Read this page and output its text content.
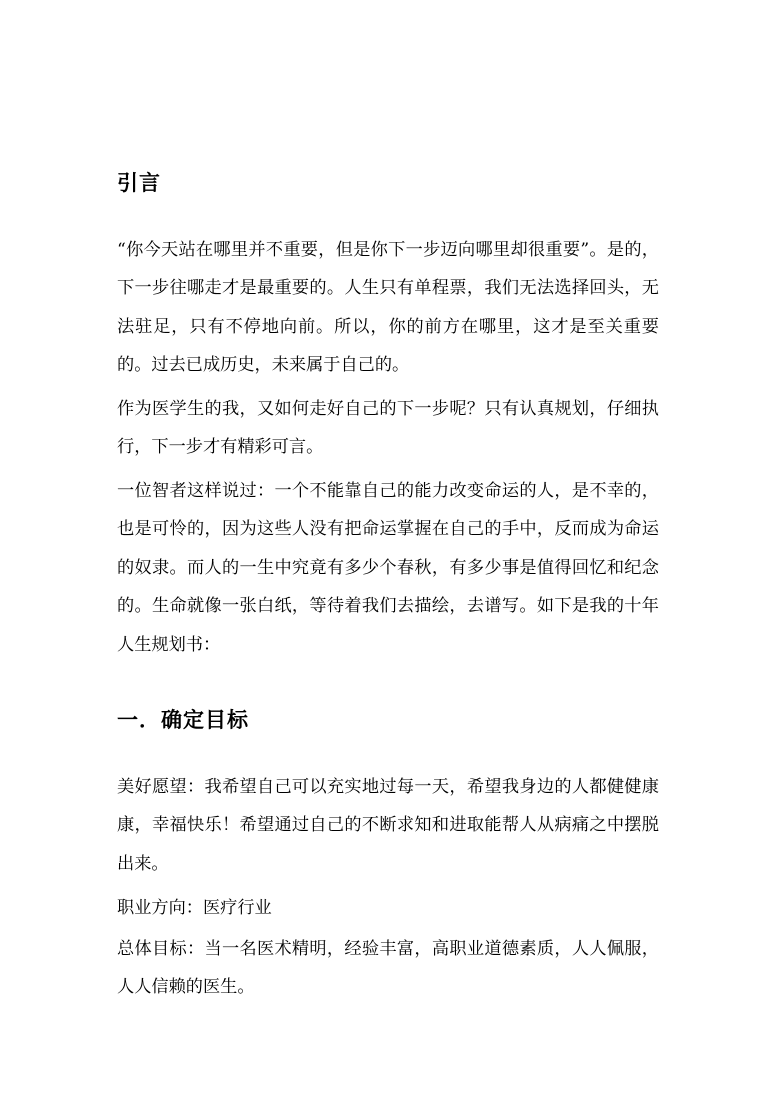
引言

“你今天站在哪里并不重要，但是你下一步迈向哪里却很重要”。是的，下一步往哪走才是最重要的。人生只有单程票，我们无法选择回头，无法驻足，只有不停地向前。所以，你的前方在哪里，这才是至关重要的。过去已成历史，未来属于自己的。

作为医学生的我，又如何走好自己的下一步呢？只有认真规划，仔细执行，下一步才有精彩可言。

一位智者这样说过：一个不能靠自己的能力改变命运的人，是不幸的，也是可怜的，因为这些人没有把命运掌握在自己的手中，反而成为命运的奴隶。而人的一生中究竟有多少个春秋，有多少事是值得回忆和纪念的。生命就像一张白纸，等待着我们去描绘，去谱写。如下是我的十年人生规划书：

一．确定目标

美好愿望：我希望自己可以充实地过每一天，希望我身边的人都健健康康，幸福快乐！希望通过自己的不断求知和进取能帮人从病痛之中摆脱出来。

职业方向：医疗行业

总体目标：当一名医术精明，经验丰富，高职业道德素质，人人佩服，人人信赖的医生。
